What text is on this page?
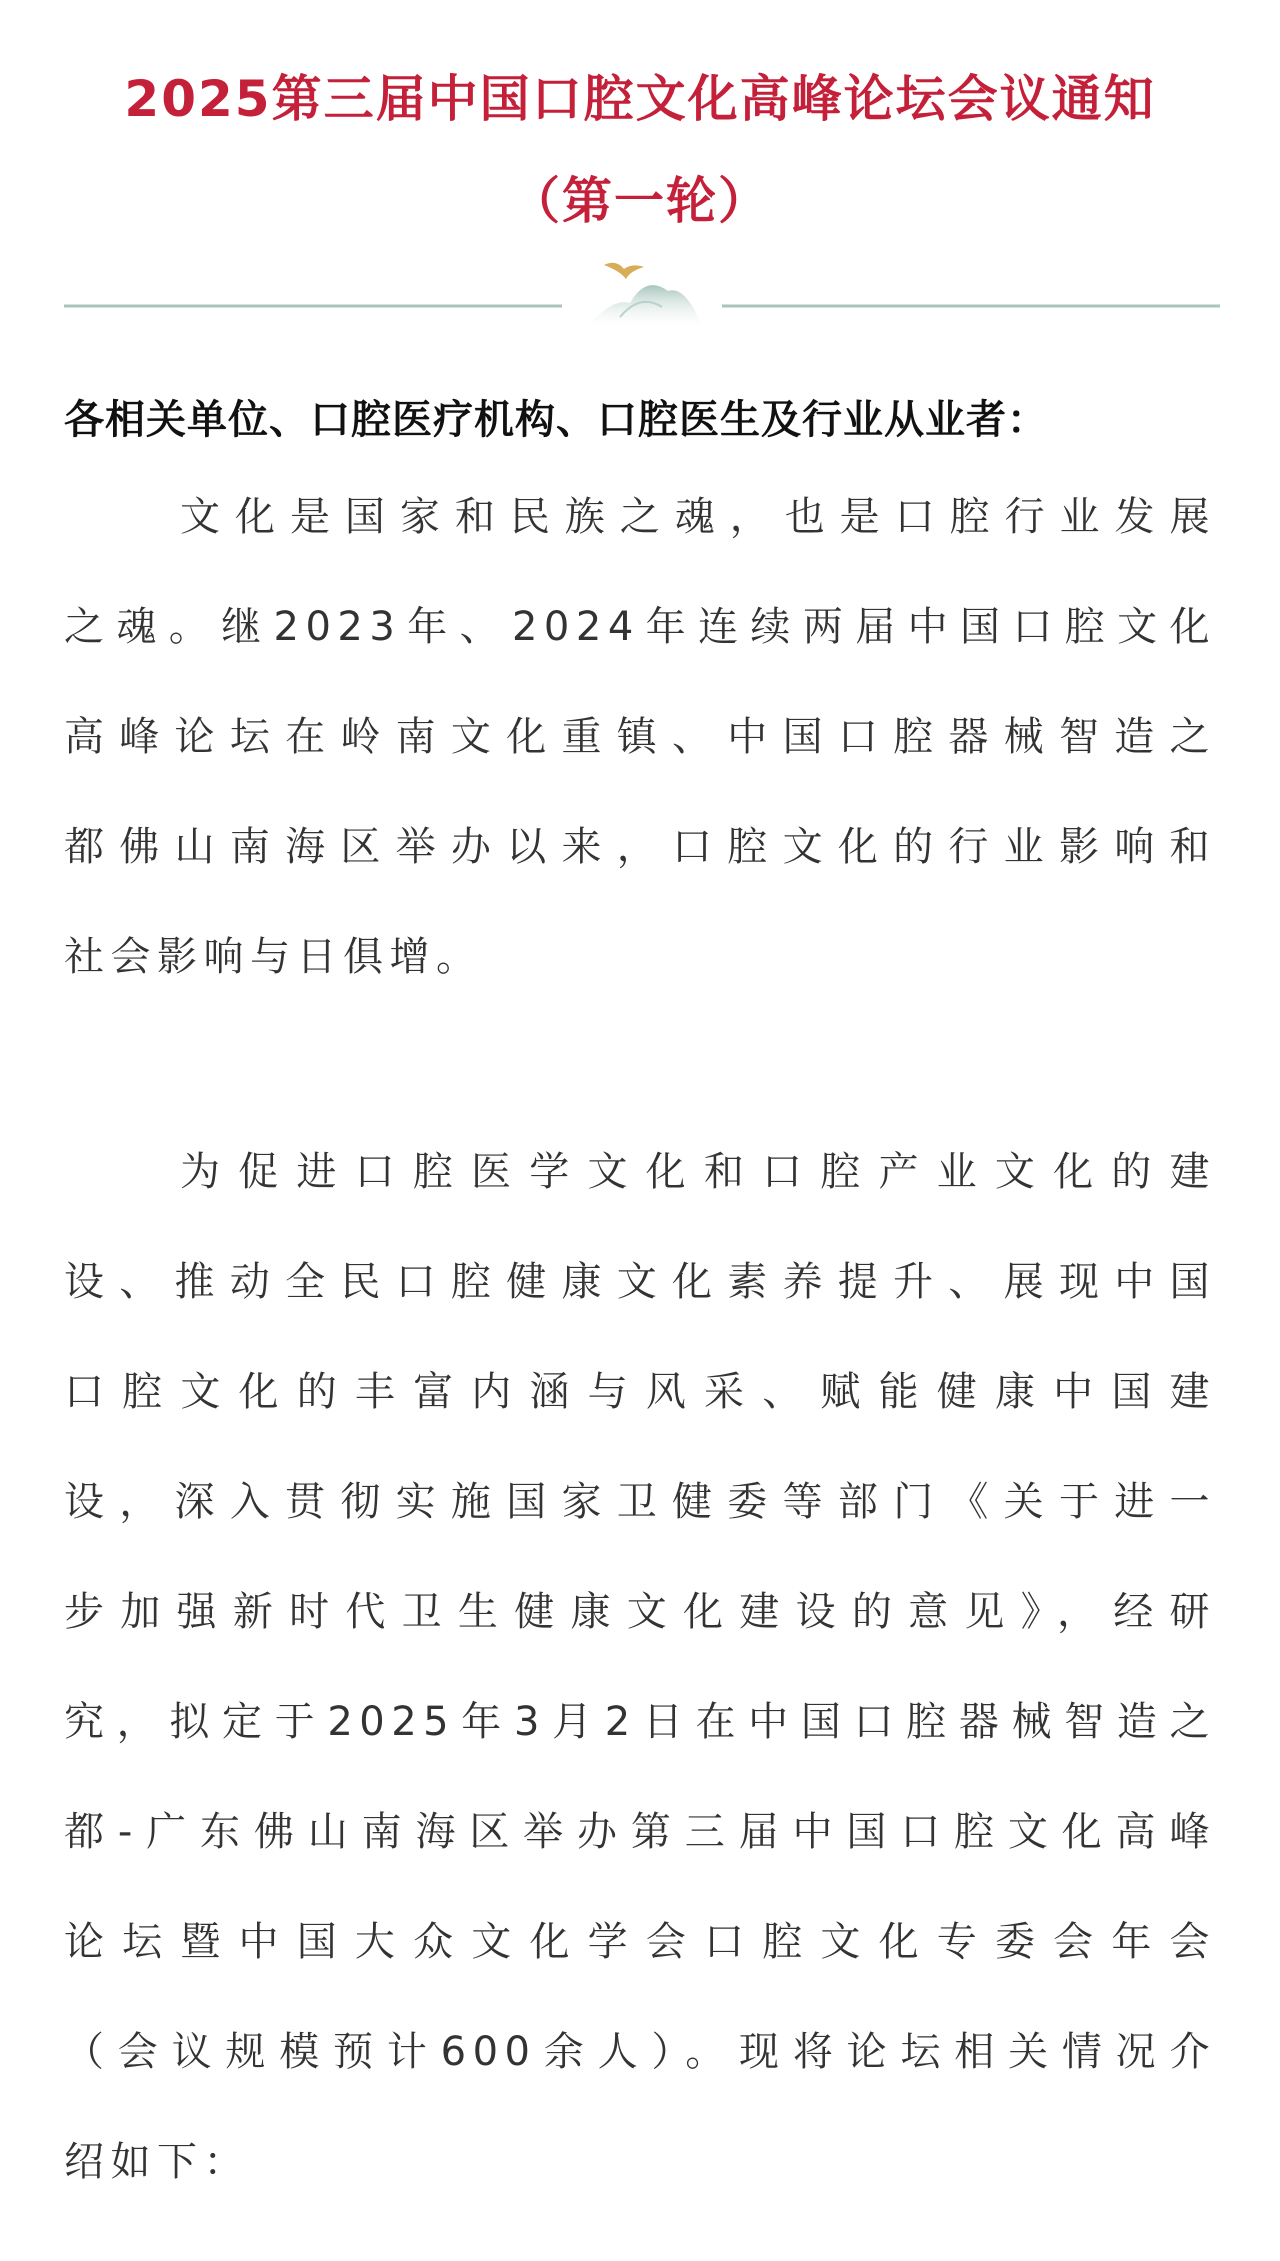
2025第三届中国口腔文化高峰论坛会议通知
（第一轮）

各相关单位、口腔医疗机构、口腔医生及行业从业者：

文化是国家和民族之魂，也是口腔行业发展
之魂。继2023年、2024年连续两届中国口腔文化
高峰论坛在岭南文化重镇、中国口腔器械智造之
都佛山南海区举办以来，口腔文化的行业影响和
社会影响与日俱增。
为促进口腔医学文化和口腔产业文化的建
设、推动全民口腔健康文化素养提升、展现中国
口腔文化的丰富内涵与风采、赋能健康中国建
设，深入贯彻实施国家卫健委等部门《关于进一
步加强新时代卫生健康文化建设的意见》，经研
究，拟定于2025年3月2日在中国口腔器械智造之
都-广东佛山南海区举办第三届中国口腔文化高峰
论坛暨中国大众文化学会口腔文化专委会年会
（会议规模预计600余人）。现将论坛相关情况介
绍如下：
